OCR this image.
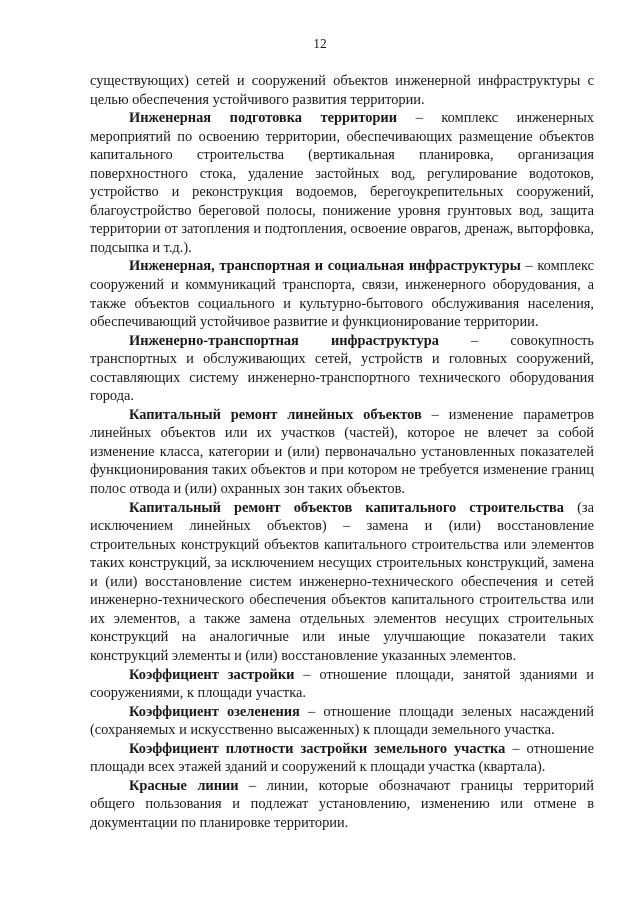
12

существующих) сетей и сооружений объектов инженерной инфраструктуры с целью обеспечения устойчивого развития территории.

Инженерная подготовка территории – комплекс инженерных мероприятий по освоению территории, обеспечивающих размещение объектов капитального строительства (вертикальная планировка, организация поверхностного стока, удаление застойных вод, регулирование водотоков, устройство и реконструкция водоемов, берегоукрепительных сооружений, благоустройство береговой полосы, понижение уровня грунтовых вод, защита территории от затопления и подтопления, освоение оврагов, дренаж, выторфовка, подсыпка и т.д.).

Инженерная, транспортная и социальная инфраструктуры – комплекс сооружений и коммуникаций транспорта, связи, инженерного оборудования, а также объектов социального и культурно-бытового обслуживания населения, обеспечивающий устойчивое развитие и функционирование территории.

Инженерно-транспортная инфраструктура – совокупность транспортных и обслуживающих сетей, устройств и головных сооружений, составляющих систему инженерно-транспортного технического оборудования города.

Капитальный ремонт линейных объектов – изменение параметров линейных объектов или их участков (частей), которое не влечет за собой изменение класса, категории и (или) первоначально установленных показателей функционирования таких объектов и при котором не требуется изменение границ полос отвода и (или) охранных зон таких объектов.

Капитальный ремонт объектов капитального строительства (за исключением линейных объектов) – замена и (или) восстановление строительных конструкций объектов капитального строительства или элементов таких конструкций, за исключением несущих строительных конструкций, замена и (или) восстановление систем инженерно-технического обеспечения и сетей инженерно-технического обеспечения объектов капитального строительства или их элементов, а также замена отдельных элементов несущих строительных конструкций на аналогичные или иные улучшающие показатели таких конструкций элементы и (или) восстановление указанных элементов.

Коэффициент застройки – отношение площади, занятой зданиями и сооружениями, к площади участка.

Коэффициент озеленения – отношение площади зеленых насаждений (сохраняемых и искусственно высаженных) к площади земельного участка.

Коэффициент плотности застройки земельного участка – отношение площади всех этажей зданий и сооружений к площади участка (квартала).

Красные линии – линии, которые обозначают границы территорий общего пользования и подлежат установлению, изменению или отмене в документации по планировке территории.
